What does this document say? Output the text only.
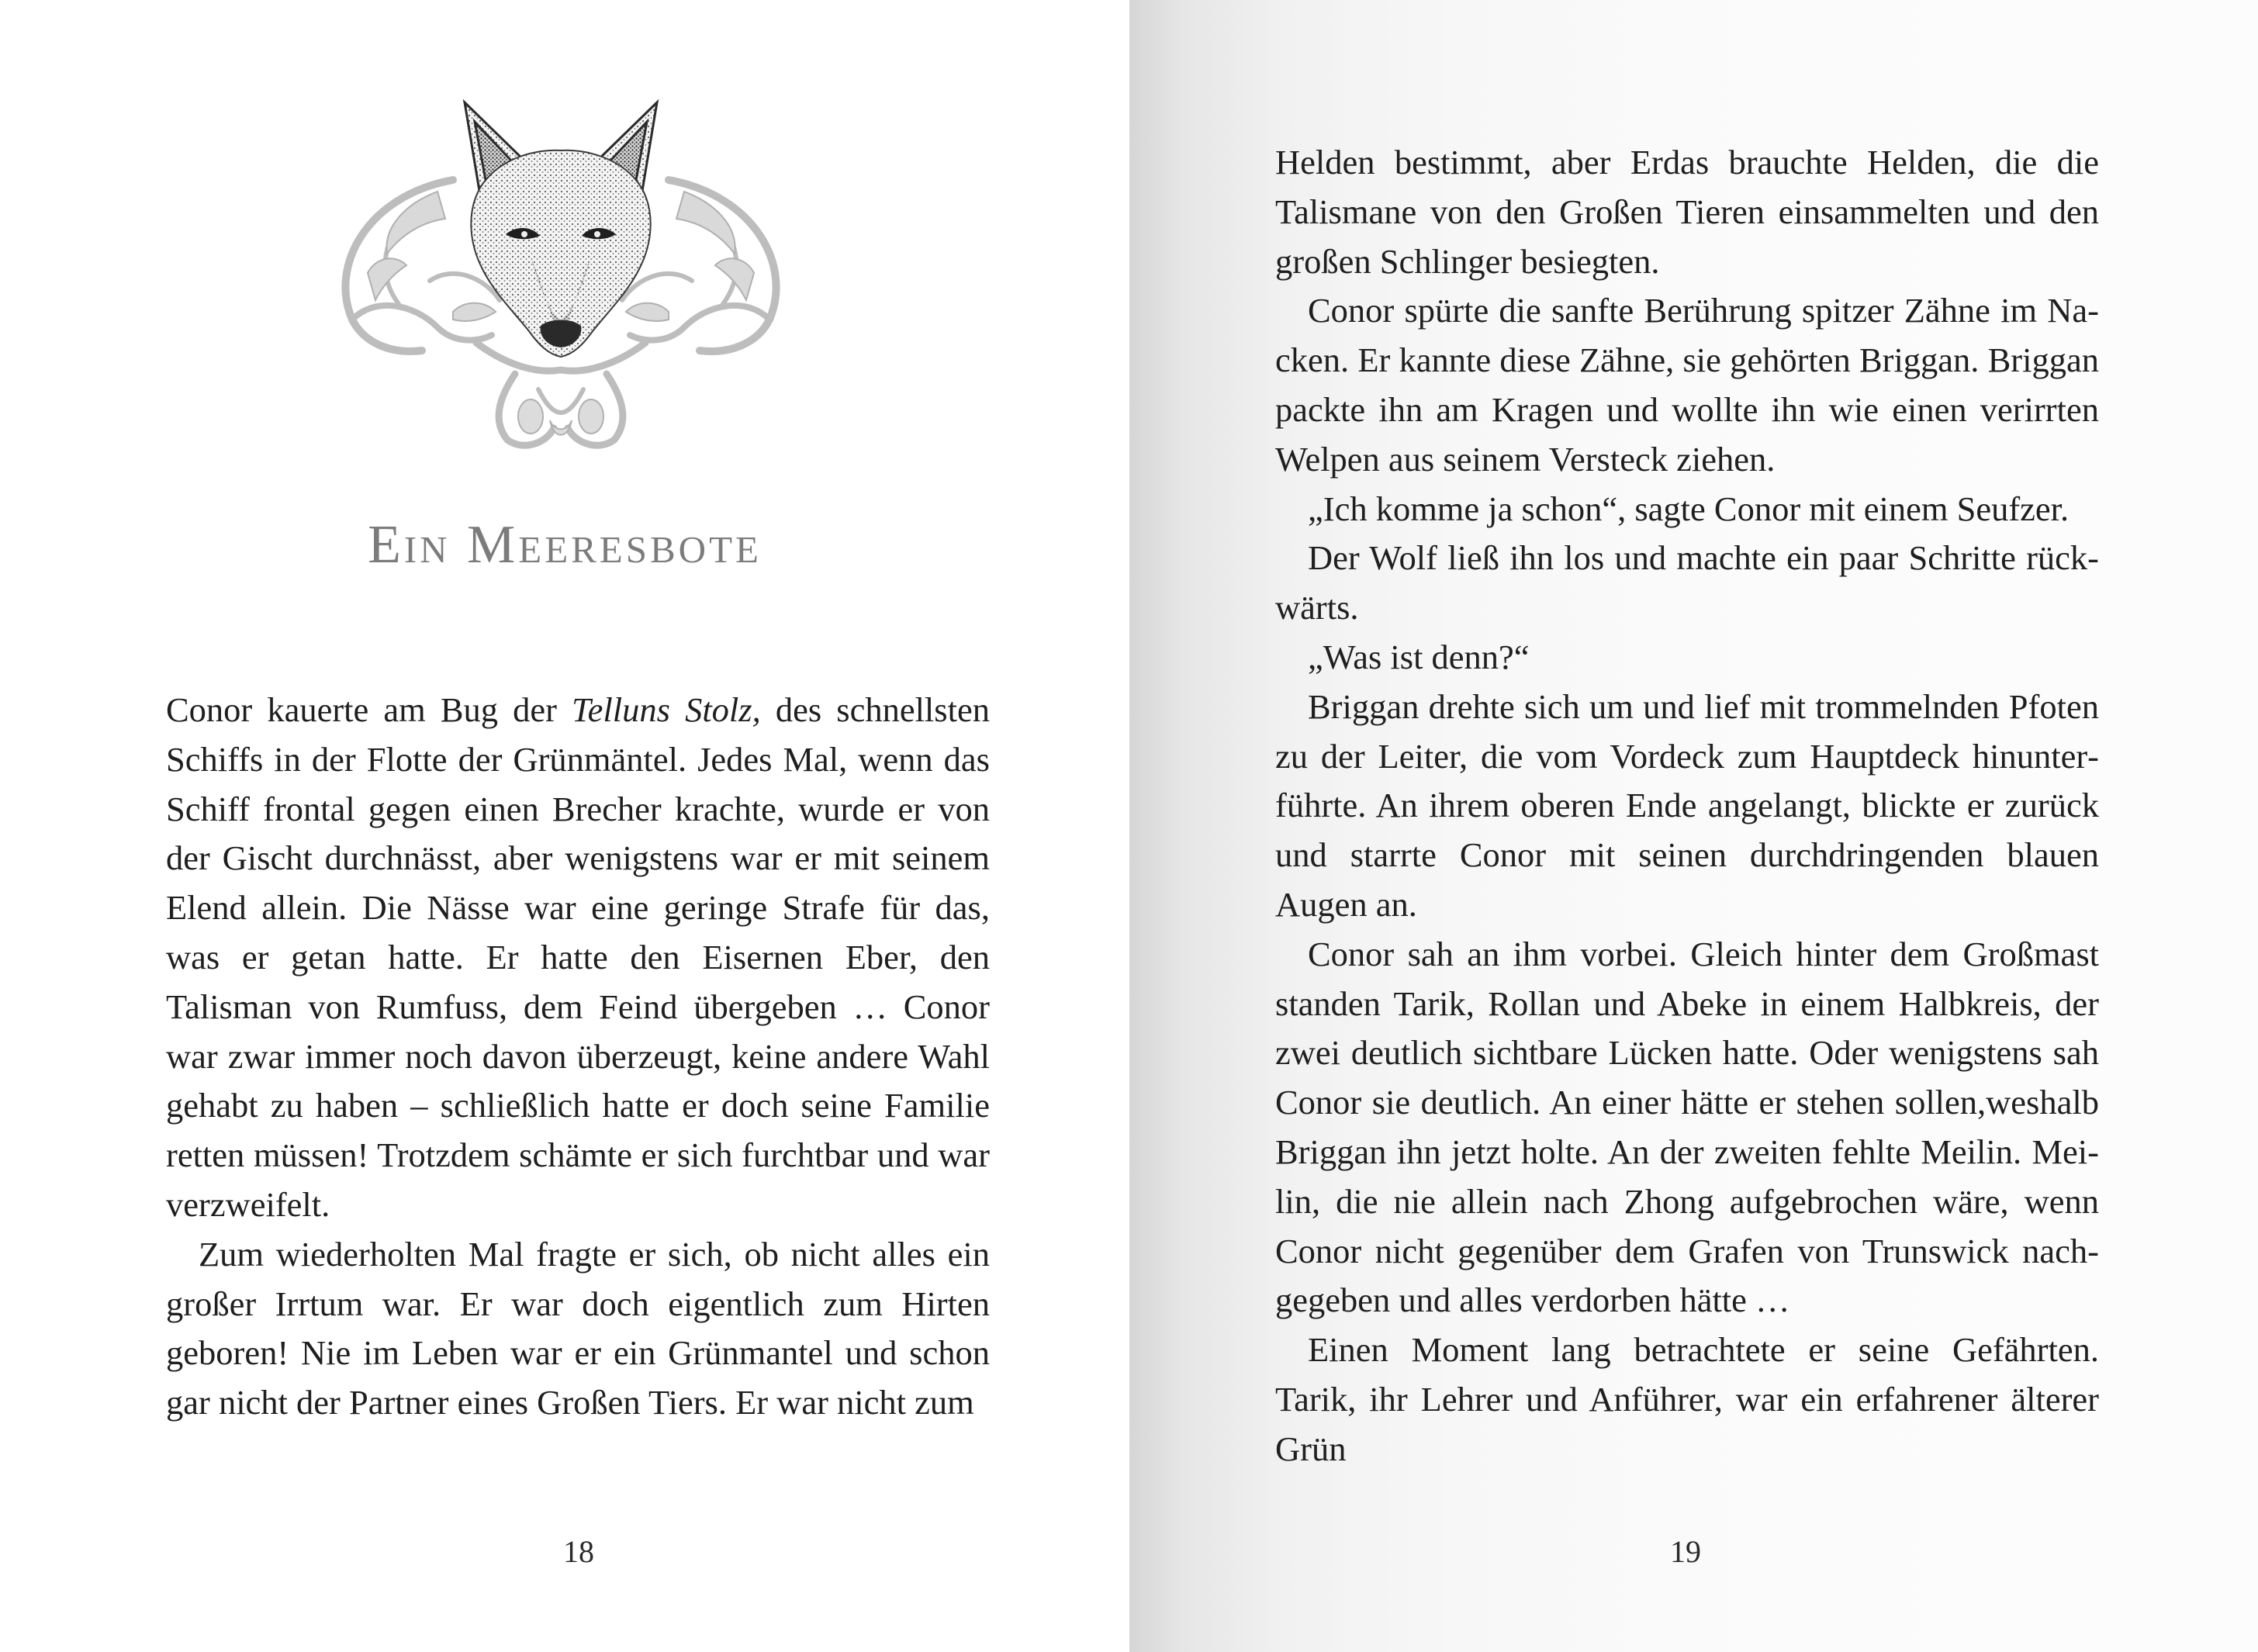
Ein Meeresbote

Conor kauerte am Bug der Telluns Stolz, des schnellsten Schiffs in der Flotte der Grünmäntel. Jedes Mal, wenn das Schiff frontal gegen einen Brecher krachte, wurde er von der Gischt durchnässt, aber wenigstens war er mit seinem Elend allein. Die Nässe war eine geringe Strafe für das, was er getan hatte. Er hatte den Eisernen Eber, den Talisman von Rumfuss, dem Feind übergeben … Conor war zwar immer noch davon überzeugt, keine andere Wahl gehabt zu haben – schließlich hatte er doch seine Familie retten müssen! Trotzdem schämte er sich furchtbar und war verzweifelt.

Zum wiederholten Mal fragte er sich, ob nicht alles ein großer Irrtum war. Er war doch eigentlich zum Hirten geboren! Nie im Leben war er ein Grünmantel und schon gar nicht der Partner eines Großen Tiers. Er war nicht zum

18

Helden bestimmt, aber Erdas brauchte Helden, die die Talismane von den Großen Tieren einsammelten und den großen Schlinger besiegten.

Conor spürte die sanfte Berührung spitzer Zähne im Nacken. Er kannte diese Zähne, sie gehörten Briggan. Briggan packte ihn am Kragen und wollte ihn wie einen verirrten Welpen aus seinem Versteck ziehen.

„Ich komme ja schon“, sagte Conor mit einem Seufzer.

Der Wolf ließ ihn los und machte ein paar Schritte rückwärts.

„Was ist denn?“

Briggan drehte sich um und lief mit trommelnden Pfoten zu der Leiter, die vom Vordeck zum Hauptdeck hinunterführte. An ihrem oberen Ende angelangt, blickte er zurück und starrte Conor mit seinen durchdringenden blauen Augen an.

Conor sah an ihm vorbei. Gleich hinter dem Großmast standen Tarik, Rollan und Abeke in einem Halbkreis, der zwei deutlich sichtbare Lücken hatte. Oder wenigstens sah Conor sie deutlich. An einer hätte er stehen sollen,weshalb Briggan ihn jetzt holte. An der zweiten fehlte Meilin. Meilin, die nie allein nach Zhong aufgebrochen wäre, wenn Conor nicht gegenüber dem Grafen von Trunswick nachgegeben und alles verdorben hätte …

Einen Moment lang betrachtete er seine Gefährten. Tarik, ihr Lehrer und Anführer, war ein erfahrener älterer Grün

19
